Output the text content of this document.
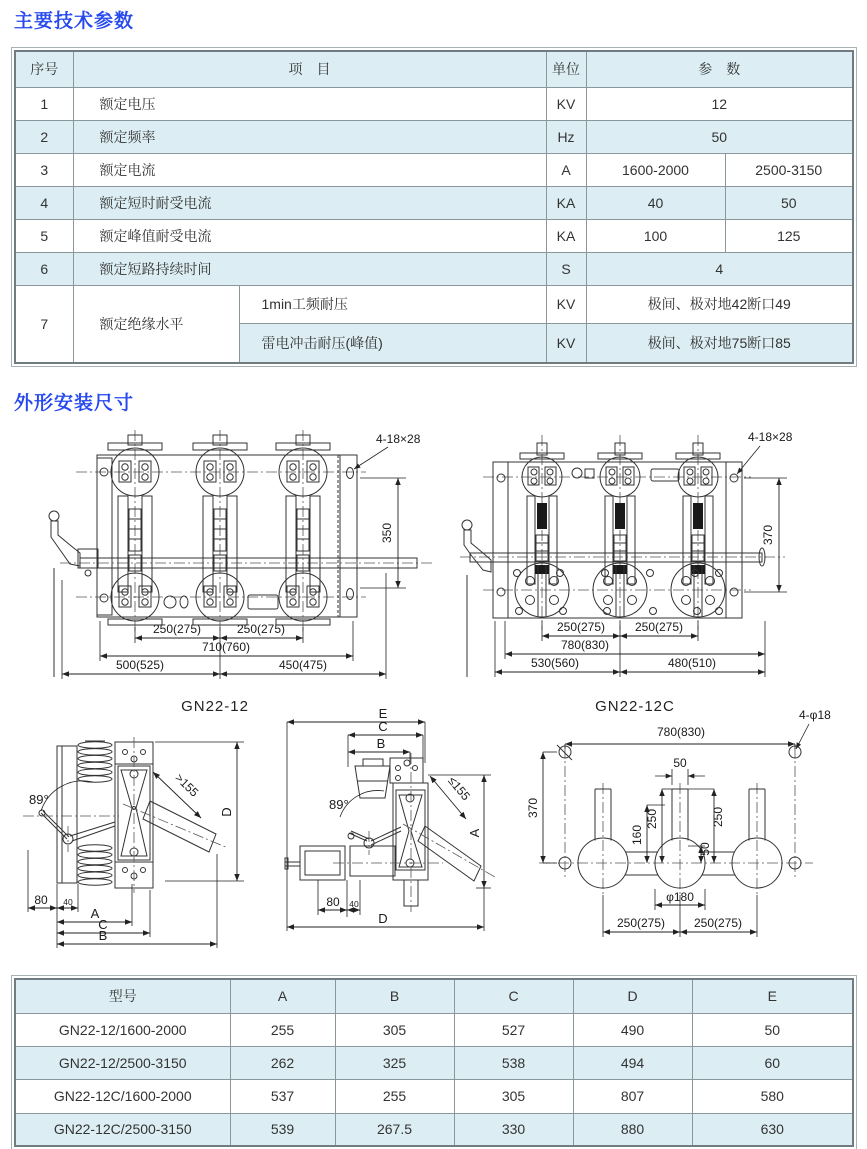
主要技术参数
序号	项　目		单位	参　数	
1	额定电压		KV	12	
2	额定频率		Hz	50	
3	额定电流		A	1600-2000	2500-3150
4	额定短时耐受电流		KA	40	50
5	额定峰值耐受电流		KA	100	125
6	额定短路持续时间		S	4	
7	额定绝缘水平	1min工频耐压	KV	极间、极对地42断口49	
		雷电冲击耐压(峰值)	KV	极间、极对地75断口85	
外形安装尺寸
350
4-18×28
250(275)	250(275)
710(760)
500(525)	450(475)
370
4-18×28
250(275) 250(275)
780(830)
530(560)	480(510)
GN22-12	GN22-12C
89°	>155
D
80 40
A
C
B
E
C
B
89°
≤155
A
80 40
D
4-φ18
780(830)
370
50
250
160
250
50
φ180
250(275) 250(275)
型号	A	B	C	D	E
GN22-12/1600-2000	255	305	527	490	50
GN22-12/2500-3150	262	325	538	494	60
GN22-12C/1600-2000	537	255	305	807	580
GN22-12C/2500-3150	539	267.5	330	880	630
